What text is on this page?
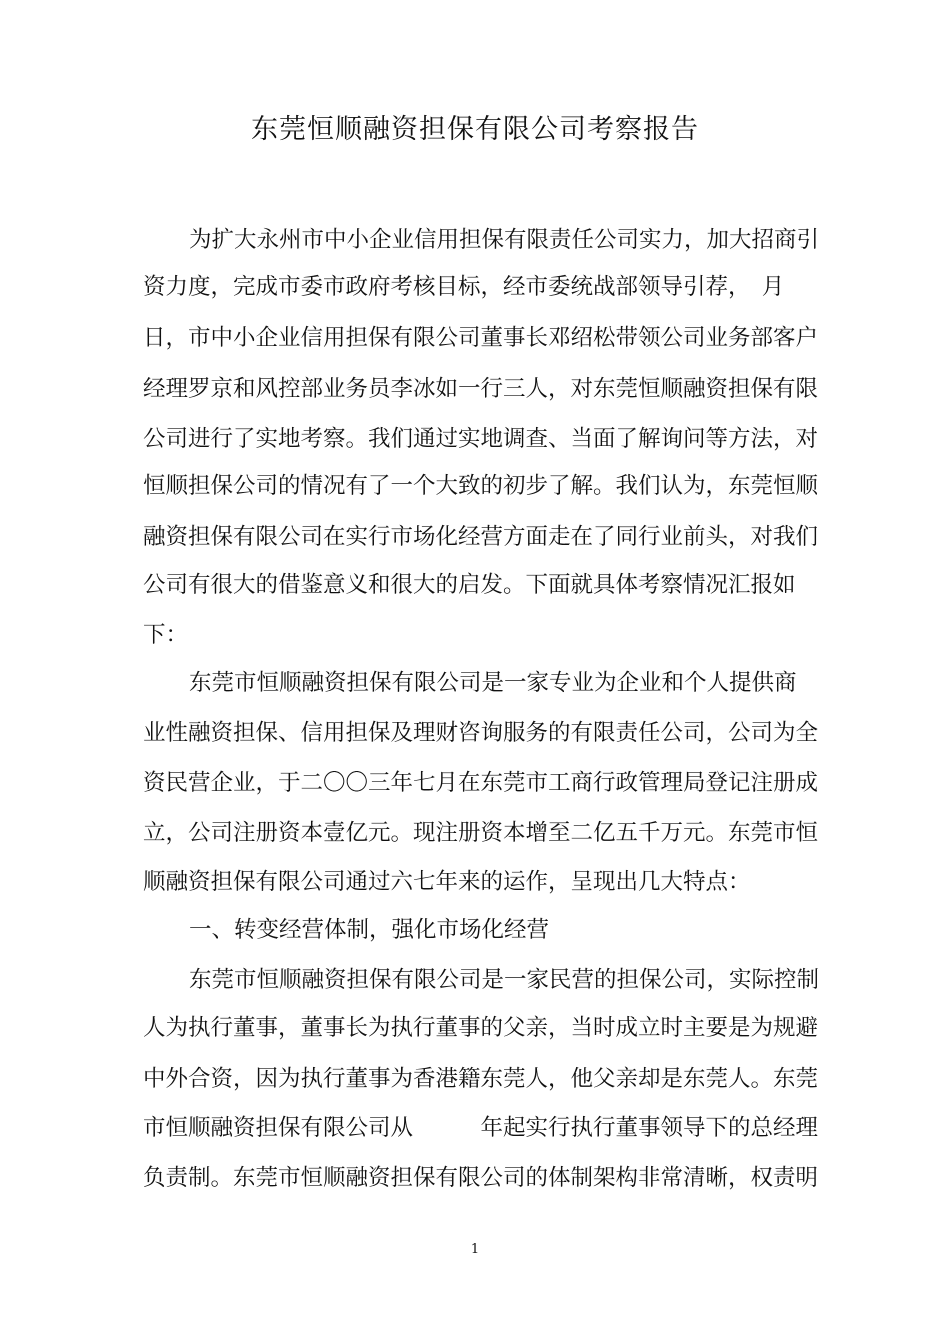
东莞恒顺融资担保有限公司考察报告
为扩大永州市中小企业信用担保有限责任公司实力，加大招商引
资力度，完成市委市政府考核目标，经市委统战部领导引荐，　月
日，市中小企业信用担保有限公司董事长邓绍松带领公司业务部客户
经理罗京和风控部业务员李冰如一行三人，对东莞恒顺融资担保有限
公司进行了实地考察。我们通过实地调查、当面了解询问等方法，对
恒顺担保公司的情况有了一个大致的初步了解。我们认为，东莞恒顺
融资担保有限公司在实行市场化经营方面走在了同行业前头，对我们
公司有很大的借鉴意义和很大的启发。下面就具体考察情况汇报如
下：
东莞市恒顺融资担保有限公司是一家专业为企业和个人提供商
业性融资担保、信用担保及理财咨询服务的有限责任公司，公司为全
资民营企业，于二〇〇三年七月在东莞市工商行政管理局登记注册成
立，公司注册资本壹亿元。现注册资本增至二亿五千万元。东莞市恒
顺融资担保有限公司通过六七年来的运作，呈现出几大特点：
一、转变经营体制，强化市场化经营
东莞市恒顺融资担保有限公司是一家民营的担保公司，实际控制
人为执行董事，董事长为执行董事的父亲，当时成立时主要是为规避
中外合资，因为执行董事为香港籍东莞人，他父亲却是东莞人。东莞
市恒顺融资担保有限公司从　　　年起实行执行董事领导下的总经理
负责制。东莞市恒顺融资担保有限公司的体制架构非常清晰，权责明
1
